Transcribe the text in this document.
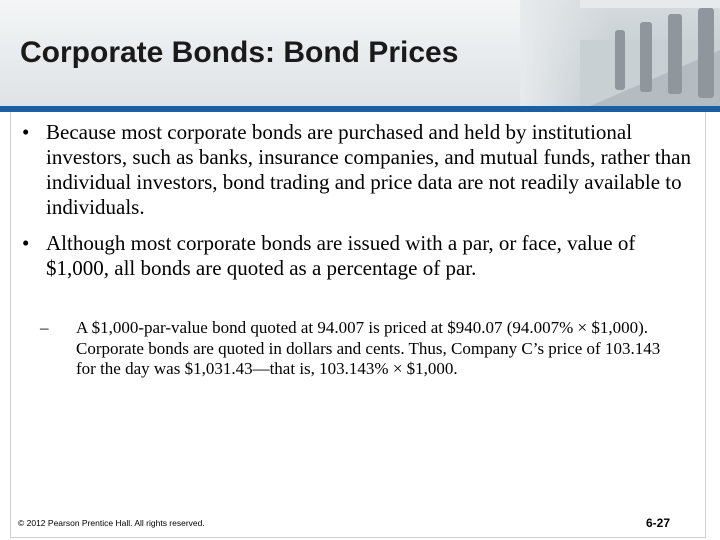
Corporate Bonds: Bond Prices
• Because most corporate bonds are purchased and held by institutional investors, such as banks, insurance companies, and mutual funds, rather than individual investors, bond trading and price data are not readily available to individuals.
• Although most corporate bonds are issued with a par, or face, value of $1,000, all bonds are quoted as a percentage of par.
– A $1,000-par-value bond quoted at 94.007 is priced at $940.07 (94.007% × $1,000). Corporate bonds are quoted in dollars and cents. Thus, Company C’s price of 103.143 for the day was $1,031.43—that is, 103.143% × $1,000.
© 2012 Pearson Prentice Hall. All rights reserved.	6-27
